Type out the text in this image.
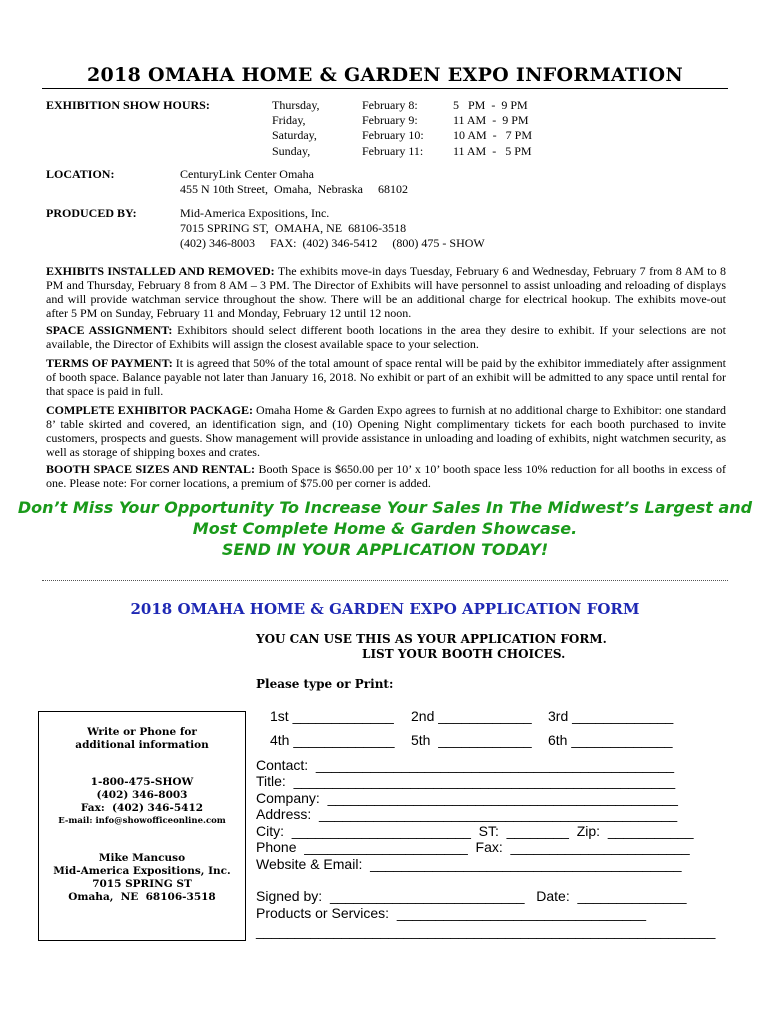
2018 OMAHA HOME & GARDEN EXPO INFORMATION
EXHIBITION SHOW HOURS:	Thursday,	February 8:	5   PM  -  9 PM
Friday,	February 9:	11 AM  -  9 PM
Saturday,	February 10: 10 AM  -   7 PM
Sunday,	February 11: 11 AM  -   5 PM
LOCATION:	CenturyLink Center Omaha
455 N 10th Street,  Omaha,  Nebraska     68102
PRODUCED BY:	Mid-America Expositions, Inc.
7015 SPRING ST,  OMAHA, NE  68106-3518
(402) 346-8003     FAX:  (402) 346-5412     (800) 475 - SHOW
EXHIBITS INSTALLED AND REMOVED: The exhibits move-in days Tuesday, February 6 and Wednesday, February 7 from 8 AM to 8 PM and Thursday, February 8 from 8 AM – 3 PM. The Director of Exhibits will have personnel to assist unloading and reloading of displays and will provide watchman service throughout the show. There will be an additional charge for electrical hookup. The exhibits move-out after 5 PM on Sunday, February 11 and Monday, February 12 until 12 noon.
SPACE ASSIGNMENT: Exhibitors should select different booth locations in the area they desire to exhibit. If your selections are not available, the Director of Exhibits will assign the closest available space to your selection.
TERMS OF PAYMENT: It is agreed that 50% of the total amount of space rental will be paid by the exhibitor immediately after assignment of booth space. Balance payable not later than January 16, 2018. No exhibit or part of an exhibit will be admitted to any space until rental for that space is paid in full.
COMPLETE EXHIBITOR PACKAGE: Omaha Home & Garden Expo agrees to furnish at no additional charge to Exhibitor: one standard 8’ table skirted and covered, an identification sign, and (10) Opening Night complimentary tickets for each booth purchased to invite customers, prospects and guests. Show management will provide assistance in unloading and loading of exhibits, night watchmen security, as well as storage of shipping boxes and crates.
BOOTH SPACE SIZES AND RENTAL: Booth Space is $650.00 per 10’ x 10’ booth space less 10% reduction for all booths in excess of one. Please note: For corner locations, a premium of $75.00 per corner is added.
Don’t Miss Your Opportunity To Increase Your Sales In The Midwest’s Largest and
Most Complete Home & Garden Showcase.
SEND IN YOUR APPLICATION TODAY!
2018 OMAHA HOME & GARDEN EXPO APPLICATION FORM
YOU CAN USE THIS AS YOUR APPLICATION FORM.
LIST YOUR BOOTH CHOICES.
Please type or Print:
1st _____________ 2nd ____________ 3rd _____________
4th _____________ 5th  ____________ 6th _____________
Contact:  ______________________________________________
Title:  _________________________________________________
Company:  _____________________________________________
Address:  ______________________________________________
City:  _______________________  ST:  ________  Zip:  ___________
Phone  _____________________  Fax:  _______________________
Website & Email:  ________________________________________
Signed by:  _________________________   Date:  ______________
Products or Services:  ________________________________
___________________________________________________________
Write or Phone for
additional information
1-800-475-SHOW
(402) 346-8003
Fax:  (402) 346-5412
E-mail: info@showofficeonline.com
Mike Mancuso
Mid-America Expositions, Inc.
7015 SPRING ST
Omaha,  NE  68106-3518
